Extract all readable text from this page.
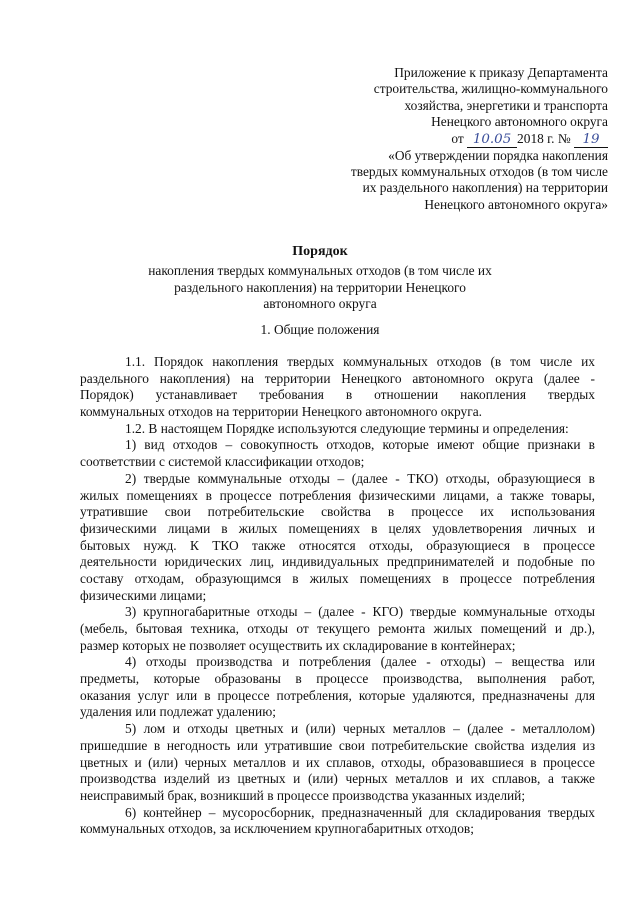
Приложение к приказу Департамента
строительства, жилищно-коммунального
хозяйства, энергетики и транспорта
Ненецкого автономного округа
от 10.05 2018 г. № 19
«Об утверждении порядка накопления
твердых коммунальных отходов (в том числе
их раздельного накопления) на территории
Ненецкого автономного округа»
Порядок
накопления твердых коммунальных отходов (в том числе их
раздельного накопления) на территории Ненецкого
автономного округа
1. Общие положения
1.1. Порядок накопления твердых коммунальных отходов (в том числе их
раздельного накопления) на территории Ненецкого автономного округа (далее -
Порядок) устанавливает требования в отношении накопления твердых
коммунальных отходов на территории Ненецкого автономного округа.
1.2. В настоящем Порядке используются следующие термины и определения:
1) вид отходов – совокупность отходов, которые имеют общие признаки в
соответствии с системой классификации отходов;
2) твердые коммунальные отходы – (далее - ТКО) отходы, образующиеся в
жилых помещениях в процессе потребления физическими лицами, а также товары,
утратившие свои потребительские свойства в процессе их использования
физическими лицами в жилых помещениях в целях удовлетворения личных и
бытовых нужд. К ТКО также относятся отходы, образующиеся в процессе
деятельности юридических лиц, индивидуальных предпринимателей и подобные по
составу отходам, образующимся в жилых помещениях в процессе потребления
физическими лицами;
3) крупногабаритные отходы – (далее - КГО) твердые коммунальные отходы
(мебель, бытовая техника, отходы от текущего ремонта жилых помещений и др.),
размер которых не позволяет осуществить их складирование в контейнерах;
4) отходы производства и потребления (далее - отходы) – вещества или
предметы, которые образованы в процессе производства, выполнения работ,
оказания услуг или в процессе потребления, которые удаляются, предназначены для
удаления или подлежат удалению;
5) лом и отходы цветных и (или) черных металлов – (далее - металлолом)
пришедшие в негодность или утратившие свои потребительские свойства изделия из
цветных и (или) черных металлов и их сплавов, отходы, образовавшиеся в процессе
производства изделий из цветных и (или) черных металлов и их сплавов, а также
неисправимый брак, возникший в процессе производства указанных изделий;
6) контейнер – мусоросборник, предназначенный для складирования твердых
коммунальных отходов, за исключением крупногабаритных отходов;
